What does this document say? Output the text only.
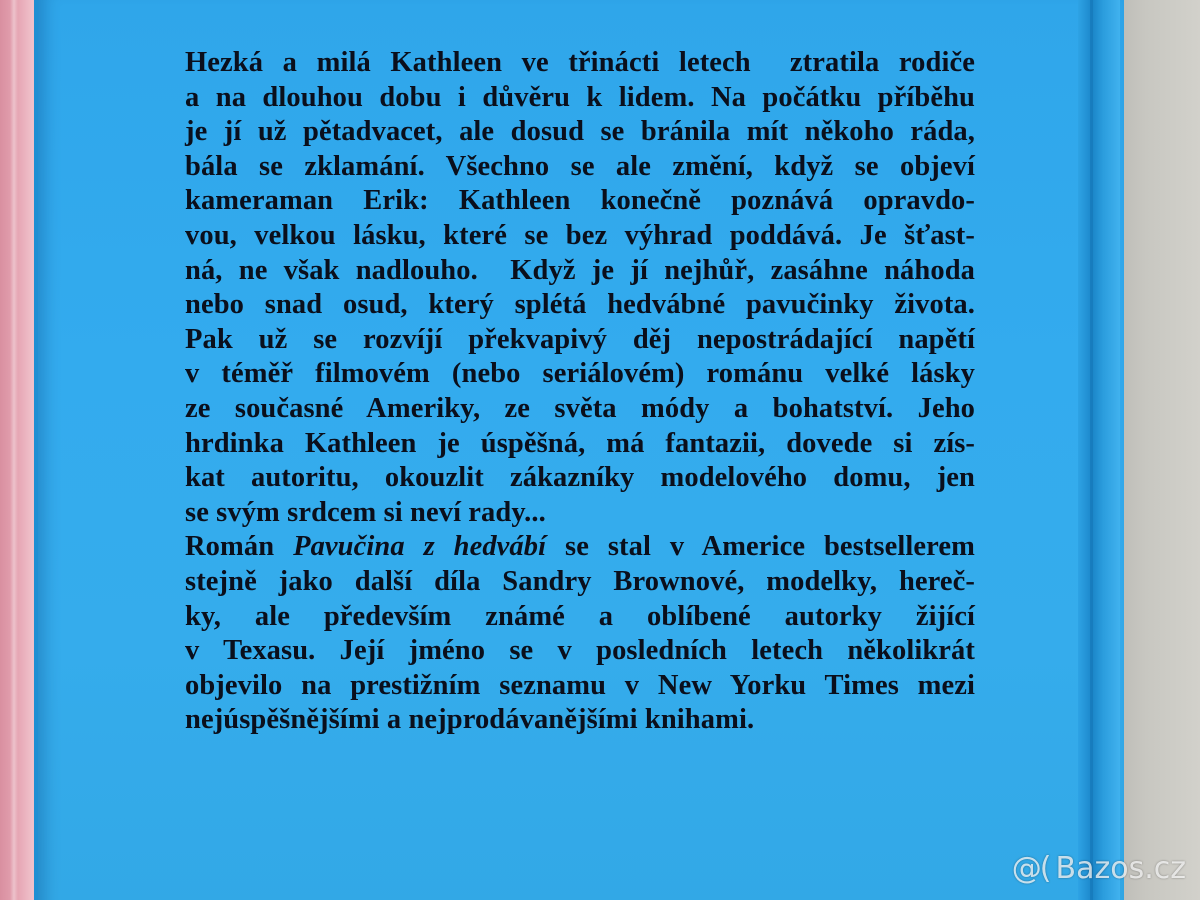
Hezká a milá Kathleen ve třinácti letech  ztratila rodiče
a na dlouhou dobu i důvěru k lidem. Na počátku příběhu
je jí už pětadvacet, ale dosud se bránila mít někoho ráda,
bála se zklamání. Všechno se ale změní, když se objeví
kameraman Erik: Kathleen konečně poznává opravdo-
vou, velkou lásku, které se bez výhrad poddává. Je šťast-
ná, ne však nadlouho.  Když je jí nejhůř, zasáhne náhoda
nebo snad osud, který splétá hedvábné pavučinky života.
Pak už se rozvíjí překvapivý děj nepostrádající napětí
v téměř filmovém (nebo seriálovém) románu velké lásky
ze současné Ameriky, ze světa módy a bohatství. Jeho
hrdinka Kathleen je úspěšná, má fantazii, dovede si zís-
kat autoritu, okouzlit zákazníky modelového domu, jen
se svým srdcem si neví rady...
Román Pavučina z hedvábí se stal v Americe bestsellerem
stejně jako další díla Sandry Brownové, modelky, hereč-
ky, ale především známé a oblíbené autorky žijící
v Texasu. Její jméno se v posledních letech několikrát
objevilo na prestižním seznamu v New Yorku Times mezi
nejúspěšnějšími a nejprodávanějšími knihami.
@( Bazos.cz
